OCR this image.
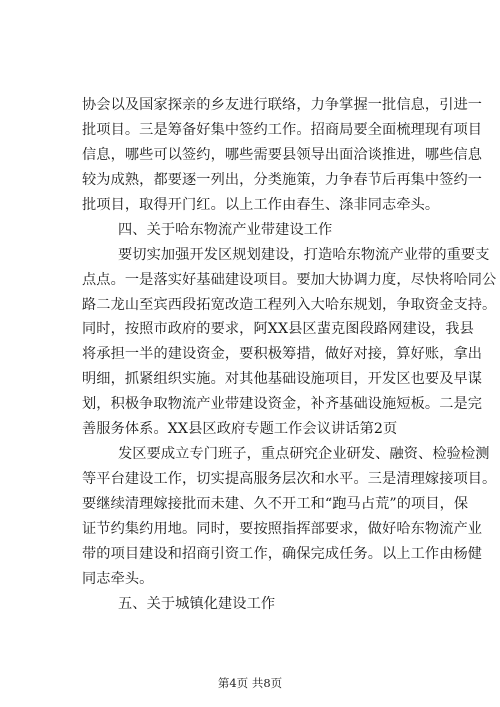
协会以及国家探亲的乡友进行联络，力争掌握一批信息，引进一
批项目。三是筹备好集中签约工作。招商局要全面梳理现有项目
信息，哪些可以签约，哪些需要县领导出面洽谈推进，哪些信息
较为成熟，都要逐一列出，分类施策，力争春节后再集中签约一
批项目，取得开门红。以上工作由春生、涤非同志牵头。
四、关于哈东物流产业带建设工作
要切实加强开发区规划建设，打造哈东物流产业带的重要支
点点。一是落实好基础建设项目。要加大协调力度，尽快将哈同公
路二龙山至宾西段拓宽改造工程列入大哈东规划，争取资金支持。
同时，按照市政府的要求，阿XX县区蜚克图段路网建设，我县
将承担一半的建设资金，要积极筹措，做好对接，算好账，拿出
明细，抓紧组织实施。对其他基础设施项目，开发区也要及早谋
划，积极争取物流产业带建设资金，补齐基础设施短板。二是完
善服务体系。XX县区政府专题工作会议讲话第2页
发区要成立专门班子，重点研究企业研发、融资、检验检测
等平台建设工作，切实提高服务层次和水平。三是清理嫁接项目。
要继续清理嫁接批而未建、久不开工和“跑马占荒”的项目，保
证节约集约用地。同时，要按照指挥部要求，做好哈东物流产业
带的项目建设和招商引资工作，确保完成任务。以上工作由杨健
同志牵头。
第4页 共8页
五、关于城镇化建设工作
